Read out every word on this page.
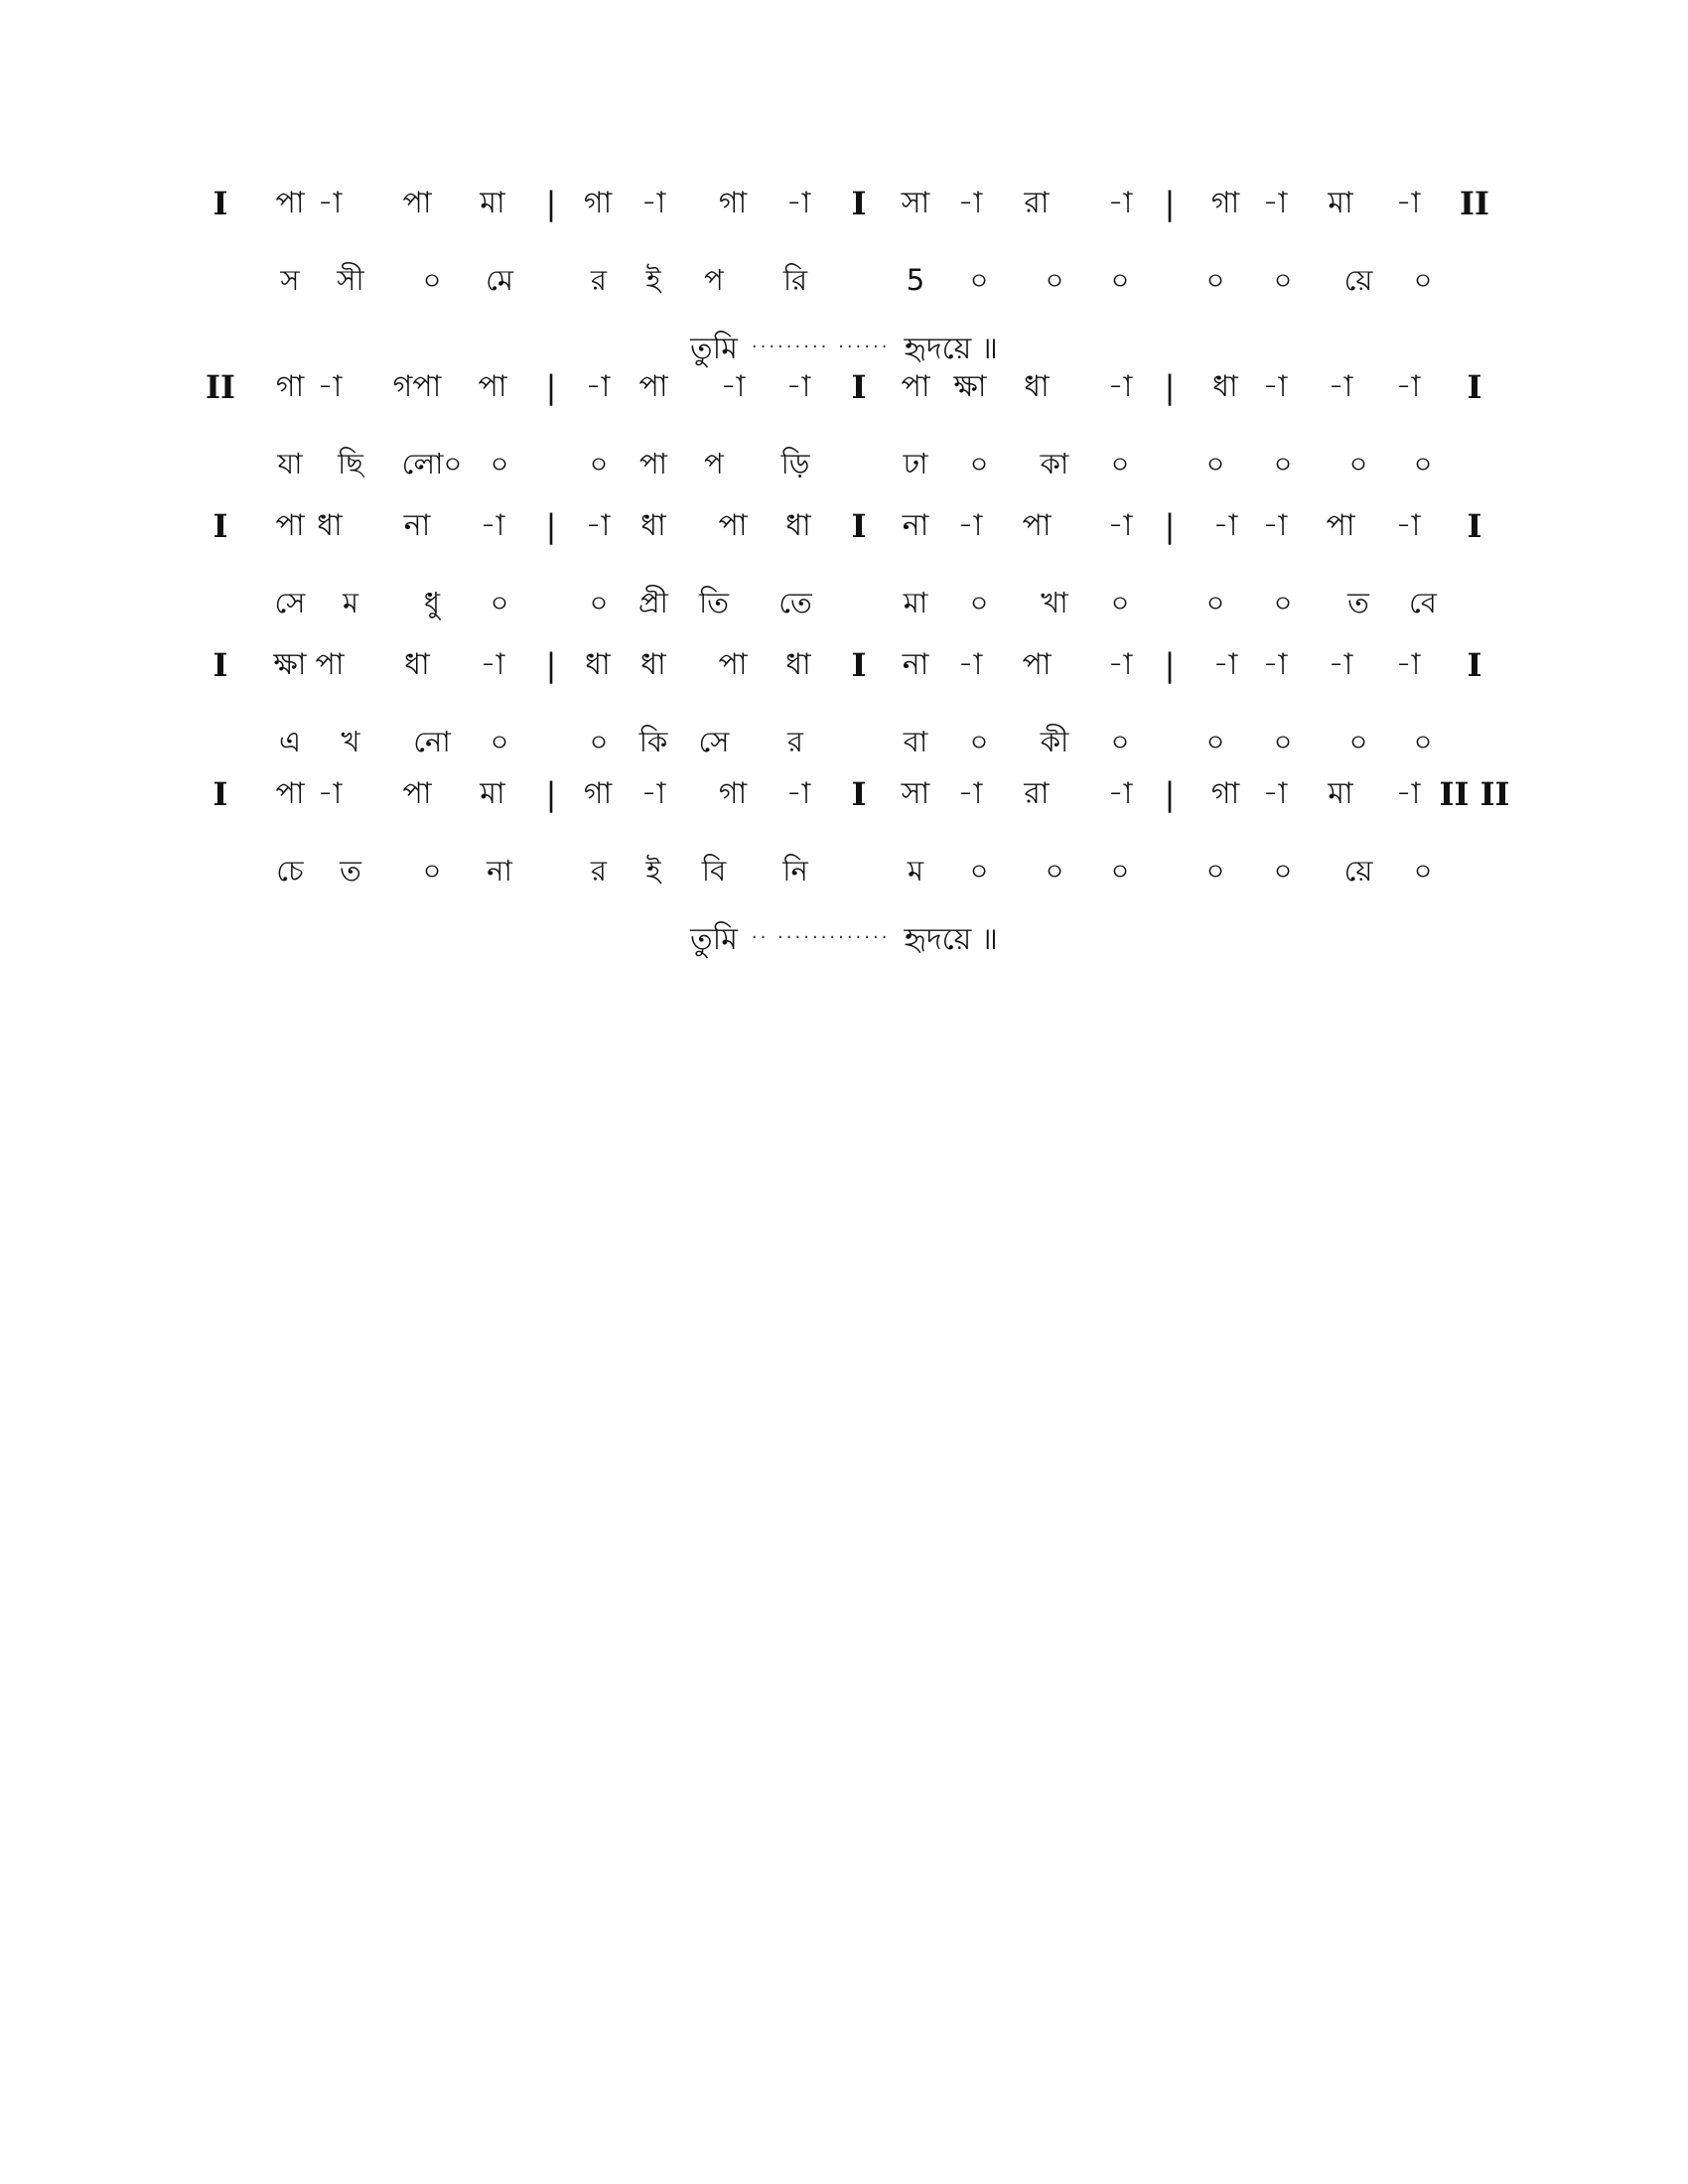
I পা -া পা মা | গা -া গা -া I সা -া রা -া | গা -া মা -া II
স সী ০ মে	র ই প রি	5 ০ ০ ০	০ ০ য়ে ০
তুমি ········· ······ হৃদয়ে ॥
II গা -া গপা পা | -া পা -া -া I পা ক্ষা ধা -া | ধা -া -া -া I
যা ছি লো০ ০	০ পা প ড়ি	ঢা ০ কা ০	০ ০ ০ ০
I পা ধা না -া | -া ধা পা ধা I না -া পা -া | -া -া পা -া I
সে ম ধু ০	০ প্রী তি তে	মা ০ খা ০	০ ০ ত বে
I ক্ষা পা ধা -া | ধা ধা পা ধা I না -া পা -া | -া -া -া -া I
এ খ নো ০	০ কি সে র	বা ০ কী ০	০ ০ ০ ০
I পা -া পা মা | গা -া গা -া I সা -া রা -া | গা -া মা -া II II
চে ত ০ না	র ই বি নি	ম ০ ০ ০	০ ০ য়ে ০
তুমি ·· ············· হৃদয়ে ॥
